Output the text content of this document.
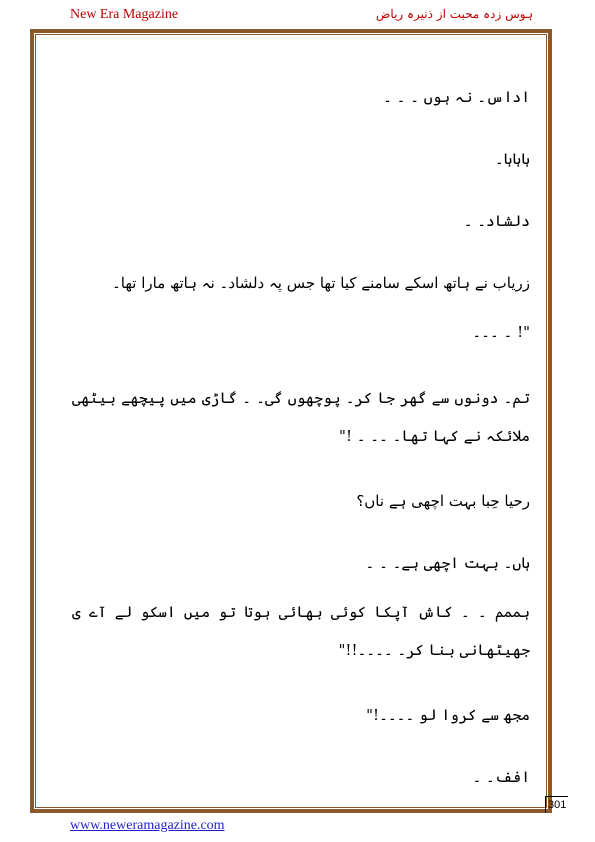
New Era Magazine	ہوس زدہ محبت از ذنیرہ ریاض

اداس۔ نہ ہوں ۔ ۔ ۔

ہاہاہا۔

دلشاد۔ ۔

زریاب نے ہاتھ اسکے سامنے کیا تھا جس پہ دلشاد۔ نہ ہاتھ مارا تھا۔

"! ۔ ۔۔۔

تم۔ دونوں سے گھر جا کر۔ پوچھوں گی۔ ۔ گاڑی میں پیچھے بیٹھی ملائکہ نے کہا تھا۔ ۔۔ ۔ !"

رحیا حِبا بہت اچھی ہے ناں؟

ہاں۔ بہت اچھی ہے۔ ۔ ۔

ہممم ۔ ۔ کاش آپکا کوئی بھائی ہوتا تو میں اسکو لے آے ی جھیٹھانی بنا کر۔ ۔۔۔۔!!"

مجھ سے کروا لو ۔۔۔۔!"

افف۔ ۔

301
www.neweramagazine.com
